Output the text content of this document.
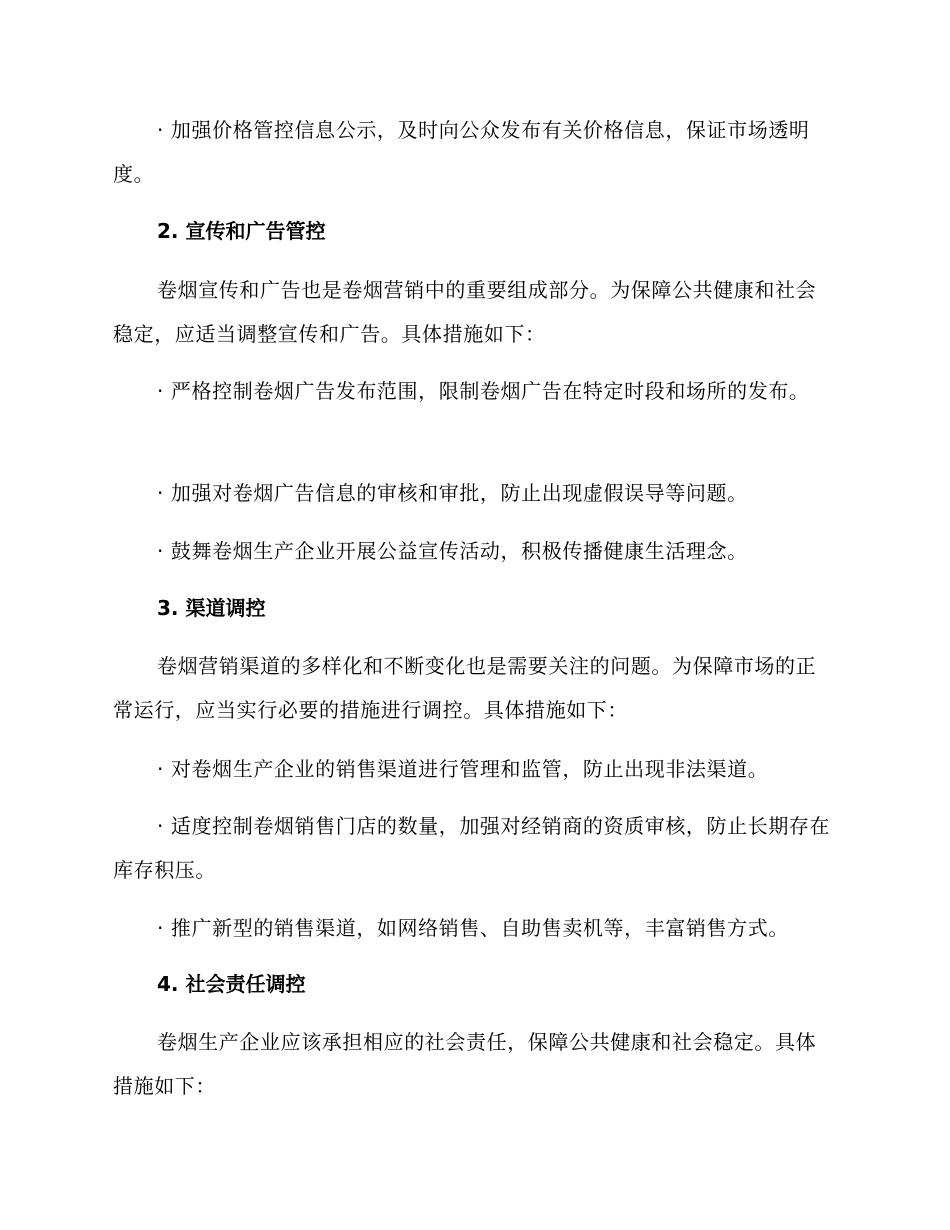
· 加强价格管控信息公示，及时向公众发布有关价格信息，保证市场透明度。

2. 宣传和广告管控

卷烟宣传和广告也是卷烟营销中的重要组成部分。为保障公共健康和社会稳定，应适当调整宣传和广告。具体措施如下：

· 严格控制卷烟广告发布范围，限制卷烟广告在特定时段和场所的发布。

· 加强对卷烟广告信息的审核和审批，防止出现虚假误导等问题。

· 鼓舞卷烟生产企业开展公益宣传活动，积极传播健康生活理念。

3. 渠道调控

卷烟营销渠道的多样化和不断变化也是需要关注的问题。为保障市场的正常运行，应当实行必要的措施进行调控。具体措施如下：

· 对卷烟生产企业的销售渠道进行管理和监管，防止出现非法渠道。

· 适度控制卷烟销售门店的数量，加强对经销商的资质审核，防止长期存在库存积压。

· 推广新型的销售渠道，如网络销售、自助售卖机等，丰富销售方式。

4. 社会责任调控

卷烟生产企业应该承担相应的社会责任，保障公共健康和社会稳定。具体措施如下：
